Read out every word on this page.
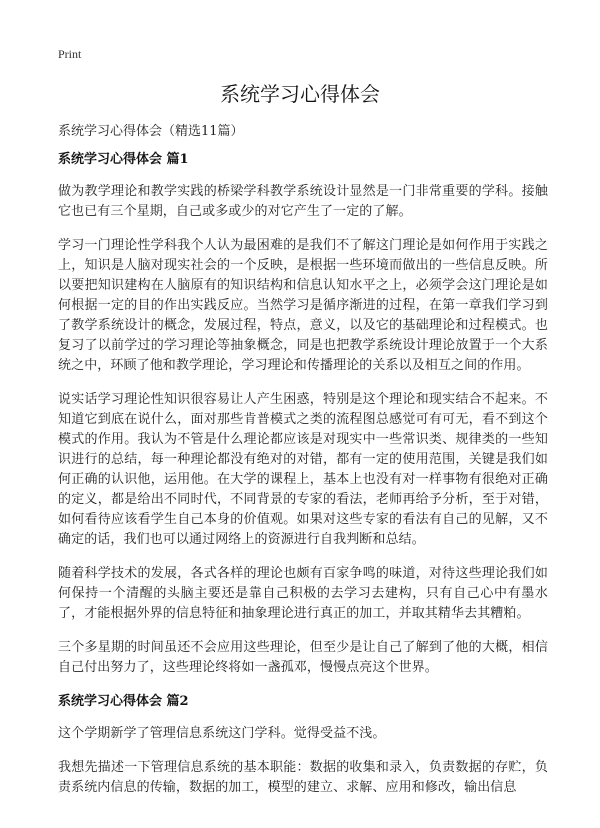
Print
系统学习心得体会
系统学习心得体会（精选11篇）
系统学习心得体会 篇1

做为教学理论和教学实践的桥梁学科教学系统设计显然是一门非常重要的学科。接触它也已有三个星期，自己或多或少的对它产生了一定的了解。

学习一门理论性学科我个人认为最困难的是我们不了解这门理论是如何作用于实践之上，知识是人脑对现实社会的一个反映，是根据一些环境而做出的一些信息反映。所以要把知识建构在人脑原有的知识结构和信息认知水平之上，必须学会这门理论是如何根据一定的目的作出实践反应。当然学习是循序渐进的过程，在第一章我们学习到了教学系统设计的概念，发展过程，特点，意义，以及它的基础理论和过程模式。也复习了以前学过的学习理论等抽象概念，同是也把教学系统设计理论放置于一个大系统之中，环顾了他和教学理论，学习理论和传播理论的关系以及相互之间的作用。

说实话学习理论性知识很容易让人产生困惑，特别是这个理论和现实结合不起来。不知道它到底在说什么，面对那些肯普模式之类的流程图总感觉可有可无，看不到这个模式的作用。我认为不管是什么理论都应该是对现实中一些常识类、规律类的一些知识进行的总结，每一种理论都没有绝对的对错，都有一定的使用范围，关键是我们如何正确的认识他，运用他。在大学的课程上，基本上也没有对一样事物有很绝对正确的定义，都是给出不同时代，不同背景的专家的看法，老师再给予分析，至于对错，如何看待应该看学生自己本身的价值观。如果对这些专家的看法有自己的见解，又不确定的话，我们也可以通过网络上的资源进行自我判断和总结。

随着科学技术的发展，各式各样的理论也颇有百家争鸣的味道，对待这些理论我们如何保持一个清醒的头脑主要还是靠自己积极的去学习去建构，只有自己心中有墨水了，才能根据外界的信息特征和抽象理论进行真正的加工，并取其精华去其糟粕。

三个多星期的时间虽还不会应用这些理论，但至少是让自己了解到了他的大概，相信自己付出努力了，这些理论终将如一盏孤邓，慢慢点亮这个世界。

系统学习心得体会 篇2

这个学期新学了管理信息系统这门学科。觉得受益不浅。

我想先描述一下管理信息系统的基本职能：数据的收集和录入，负责数据的存贮，负责系统内信息的传输，数据的加工，模型的建立、求解、应用和修改，输出信息
